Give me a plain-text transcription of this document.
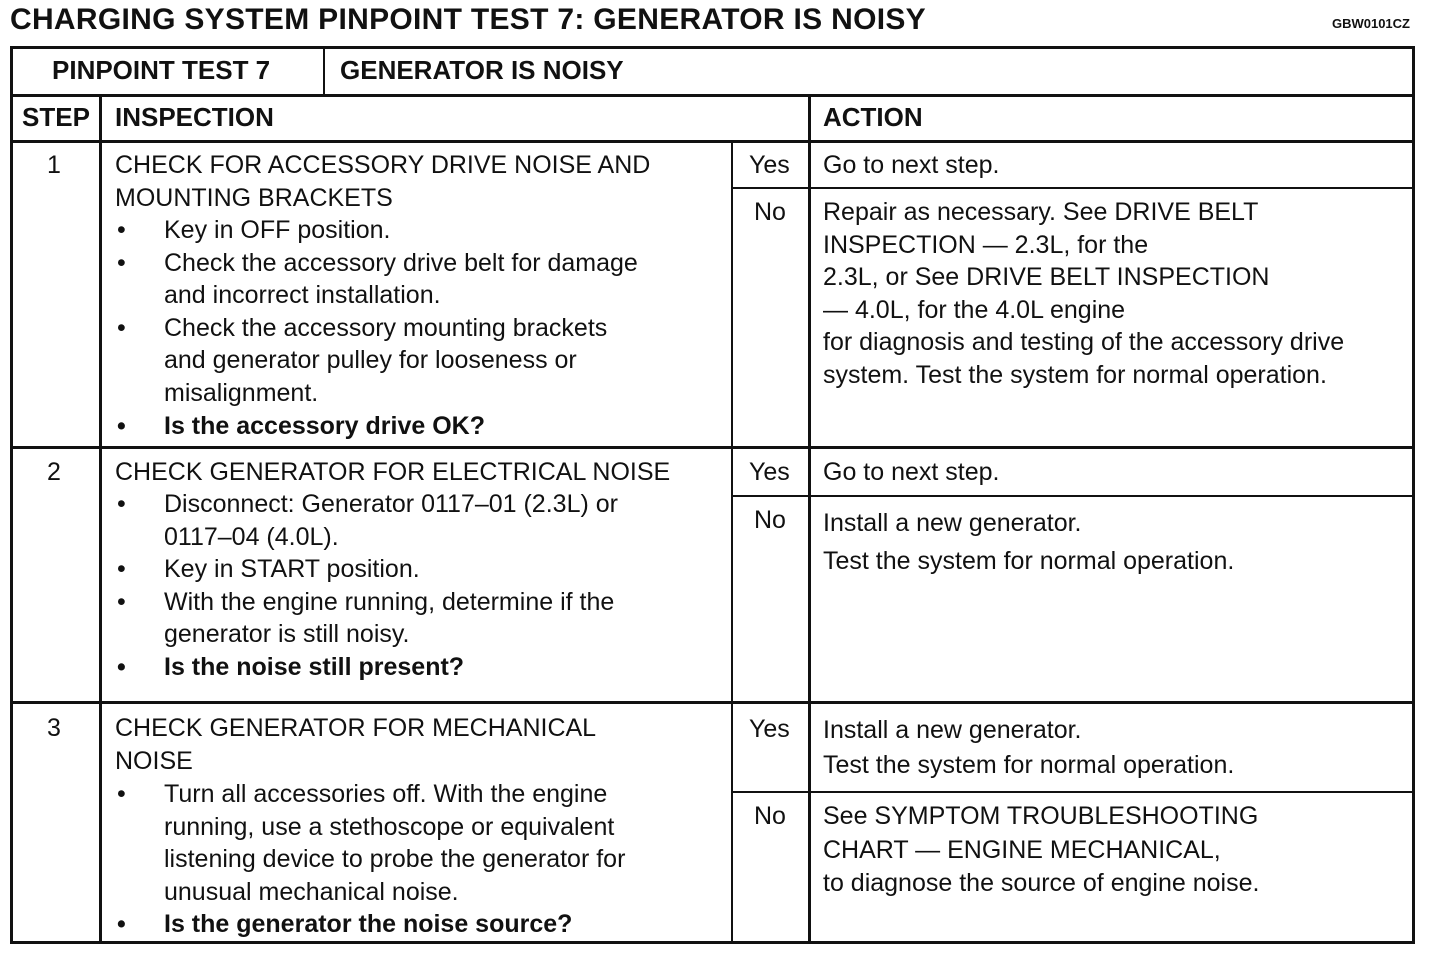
CHARGING SYSTEM PINPOINT TEST 7: GENERATOR IS NOISY	GBW0101CZ
PINPOINT TEST 7	GENERATOR IS NOISY
STEP INSPECTION	ACTION
1 CHECK FOR ACCESSORY DRIVE NOISE AND
MOUNTING BRACKETS
• Key in OFF position.
• Check the accessory drive belt for damage
and incorrect installation.
• Check the accessory mounting brackets
and generator pulley for looseness or
misalignment.
• Is the accessory drive OK?
Yes Go to next step.
No Repair as necessary. See DRIVE BELT
INSPECTION — 2.3L, for the
2.3L, or See DRIVE BELT INSPECTION
— 4.0L, for the 4.0L engine
for diagnosis and testing of the accessory drive
system. Test the system for normal operation.
2 CHECK GENERATOR FOR ELECTRICAL NOISE
• Disconnect: Generator 0117–01 (2.3L) or
0117–04 (4.0L).
• Key in START position.
• With the engine running, determine if the
generator is still noisy.
• Is the noise still present?
Yes Go to next step.
No Install a new generator.
Test the system for normal operation.
3 CHECK GENERATOR FOR MECHANICAL
NOISE
• Turn all accessories off. With the engine
running, use a stethoscope or equivalent
listening device to probe the generator for
unusual mechanical noise.
• Is the generator the noise source?
Yes Install a new generator.
Test the system for normal operation.
No See SYMPTOM TROUBLESHOOTING
CHART — ENGINE MECHANICAL,
to diagnose the source of engine noise.
